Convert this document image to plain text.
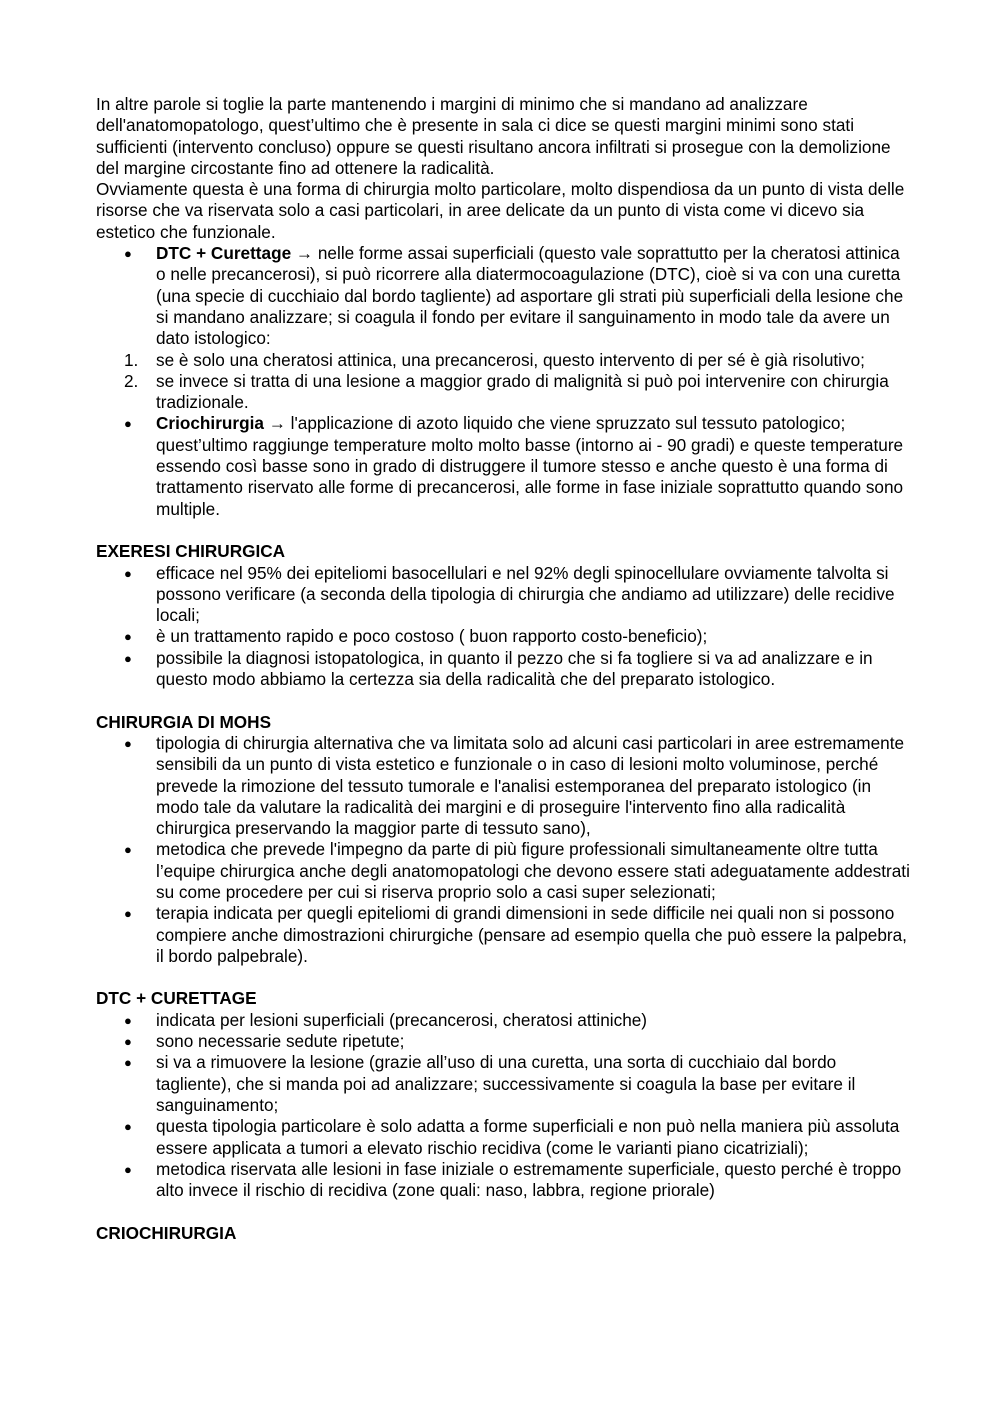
In altre parole si toglie la parte mantenendo i margini di minimo che si mandano ad analizzare dell'anatomopatologo, quest’ultimo che è presente in sala ci dice se questi margini minimi sono stati sufficienti (intervento concluso) oppure se questi risultano ancora infiltrati si prosegue con la demolizione del margine circostante fino ad ottenere la radicalità.

Ovviamente questa è una forma di chirurgia molto particolare, molto dispendiosa da un punto di vista delle risorse che va riservata solo a casi particolari, in aree delicate da un punto di vista come vi dicevo sia estetico che funzionale.

● DTC + Curettage → nelle forme assai superficiali (questo vale soprattutto per la cheratosi attinica o nelle precancerosi), si può ricorrere alla diatermocoagulazione (DTC), cioè si va con una curetta (una specie di cucchiaio dal bordo tagliente) ad asportare gli strati più superficiali della lesione che si mandano analizzare; si coagula il fondo per evitare il sanguinamento in modo tale da avere un dato istologico:
1. se è solo una cheratosi attinica, una precancerosi, questo intervento di per sé è già risolutivo;
2. se invece si tratta di una lesione a maggior grado di malignità si può poi intervenire con chirurgia tradizionale.
● Criochirurgia → l'applicazione di azoto liquido che viene spruzzato sul tessuto patologico; quest’ultimo raggiunge temperature molto molto basse (intorno ai - 90 gradi) e queste temperature essendo così basse sono in grado di distruggere il tumore stesso e anche questo è una forma di trattamento riservato alle forme di precancerosi, alle forme in fase iniziale soprattutto quando sono multiple.

EXERESI CHIRURGICA

● efficace nel 95% dei epiteliomi basocellulari e nel 92% degli spinocellulare ovviamente talvolta si possono verificare (a seconda della tipologia di chirurgia che andiamo ad utilizzare) delle recidive locali;
● è un trattamento rapido e poco costoso ( buon rapporto costo-beneficio);
● possibile la diagnosi istopatologica, in quanto il pezzo che si fa togliere si va ad analizzare e in questo modo abbiamo la certezza sia della radicalità che del preparato istologico.

CHIRURGIA DI MOHS

● tipologia di chirurgia alternativa che va limitata solo ad alcuni casi particolari in aree estremamente sensibili da un punto di vista estetico e funzionale o in caso di lesioni molto voluminose, perché prevede la rimozione del tessuto tumorale e l'analisi estemporanea del preparato istologico (in modo tale da valutare la radicalità dei margini e di proseguire l'intervento fino alla radicalità chirurgica preservando la maggior parte di tessuto sano),
● metodica che prevede l'impegno da parte di più figure professionali simultaneamente oltre tutta l’equipe chirurgica anche degli anatomopatologi che devono essere stati adeguatamente addestrati su come procedere per cui si riserva proprio solo a casi super selezionati;
● terapia indicata per quegli epiteliomi di grandi dimensioni in sede difficile nei quali non si possono compiere anche dimostrazioni chirurgiche (pensare ad esempio quella che può essere la palpebra, il bordo palpebrale).

DTC + CURETTAGE

● indicata per lesioni superficiali (precancerosi, cheratosi attiniche)
● sono necessarie sedute ripetute;
● si va a rimuovere la lesione (grazie all’uso di una curetta, una sorta di cucchiaio dal bordo tagliente), che si manda poi ad analizzare; successivamente si coagula la base per evitare il sanguinamento;
● questa tipologia particolare è solo adatta a forme superficiali e non può nella maniera più assoluta essere applicata a tumori a elevato rischio recidiva (come le varianti piano cicatriziali);
● metodica riservata alle lesioni in fase iniziale o estremamente superficiale, questo perché è troppo alto invece il rischio di recidiva (zone quali: naso, labbra, regione priorale)

CRIOCHIRURGIA
